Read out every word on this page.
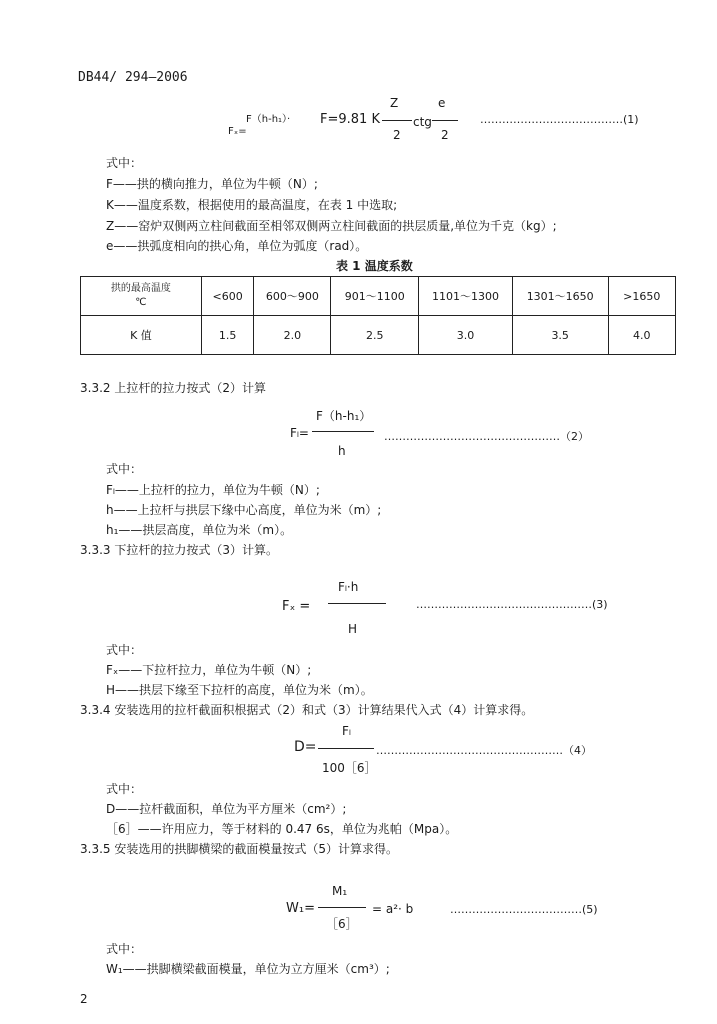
DB44/ 294—2006
F（h-h₁）·
Fₓ=
F=9.81 K
Z
2
ctg
e
2
…………………………………(1)
式中：
F——拱的横向推力，单位为牛顿（N）;
K——温度系数，根据使用的最高温度，在表 1 中选取;
Z——窑炉双侧两立柱间截面至相邻双侧两立柱间截面的拱层质量,单位为千克（kg）;
e——拱弧度相向的拱心角，单位为弧度（rad）。
表 1 温度系数
拱的最高温度
℃	<600	600～900	901～1100	1101～1300	1301～1650	>1650
K 值	1.5	2.0	2.5	3.0	3.5	4.0
3.3.2 上拉杆的拉力按式（2）计算
F（h-h₁）
Fₗ=
h
…………………………………………（2）
式中：
Fₗ——上拉杆的拉力，单位为牛顿（N）;
h——上拉杆与拱层下缘中心高度，单位为米（m）;
h₁——拱层高度，单位为米（m）。
3.3.3 下拉杆的拉力按式（3）计算。
Fₗ·h
Fₓ =
H
…………………………………………(3)
式中：
Fₓ——下拉杆拉力，单位为牛顿（N）;
H——拱层下缘至下拉杆的高度，单位为米（m）。
3.3.4 安装选用的拉杆截面积根据式（2）和式（3）计算结果代入式（4）计算求得。
Fₗ
D=
100［6］
……………………………………………（4）
式中：
D——拉杆截面积，单位为平方厘米（cm²）;
［6］——许用应力，等于材料的 0.47 6s，单位为兆帕（Mpa）。
3.3.5 安装选用的拱脚横梁的截面模量按式（5）计算求得。
M₁
W₁=
［6］
= a²· b	………………………………(5)
式中：
W₁——拱脚横梁截面模量，单位为立方厘米（cm³）;
2
